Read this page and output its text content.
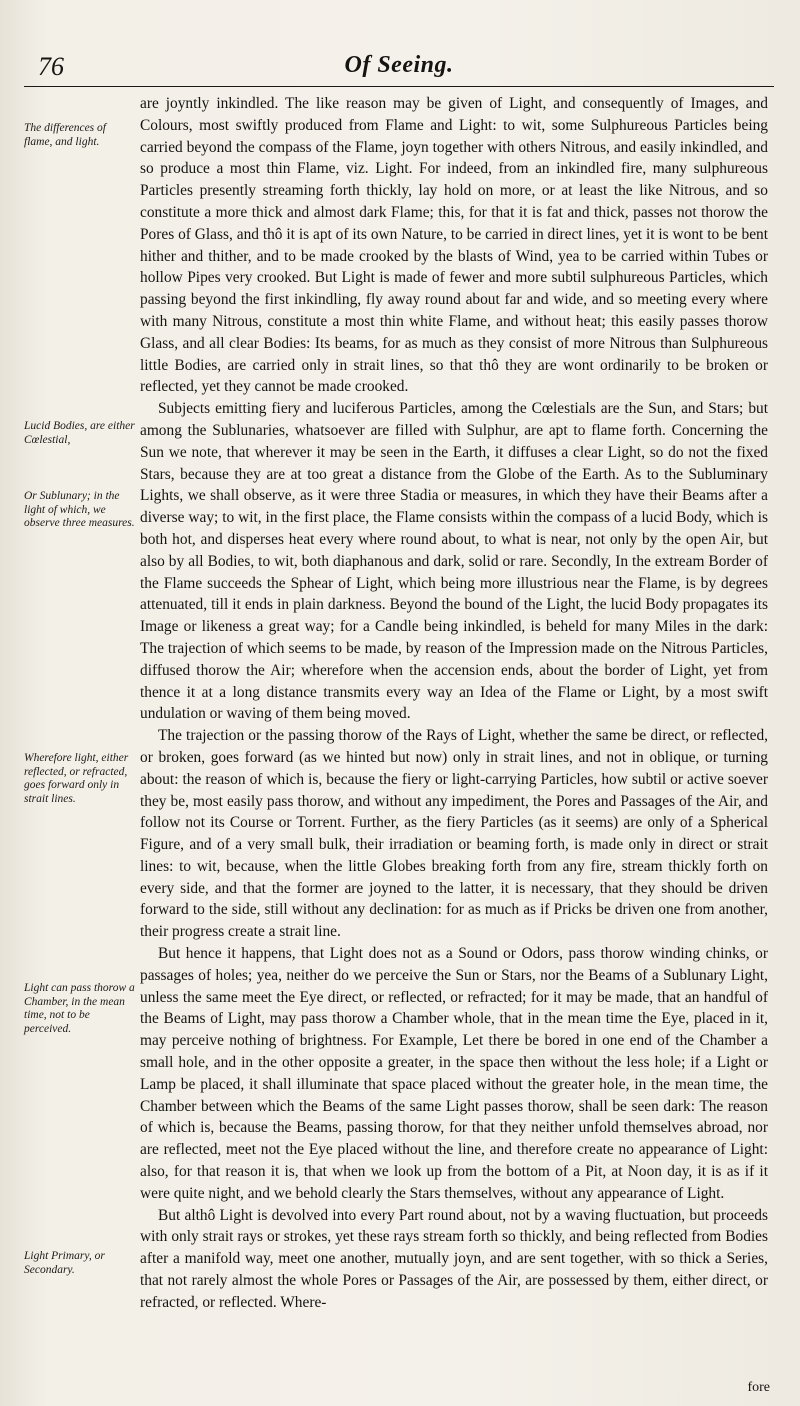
76	Of Seeing.
The differences of flame, and light.
Lucid Bodies, are either Cœlestial,
Or Sublunary; in the light of which, we observe three measures.
Wherefore light, either reflected, or refracted, goes forward only in strait lines.
Light can pass thorow a Chamber, in the mean time, not to be perceived.
Light Primary, or Secondary.

are joyntly inkindled. The like reason may be given of Light, and consequently of Images, and Colours, most swiftly produced from Flame and Light: to wit, some Sulphureous Particles being carried beyond the compass of the Flame, joyn together with others Nitrous, and easily inkindled, and so produce a most thin Flame, viz. Light. For indeed, from an inkindled fire, many sulphureous Particles presently streaming forth thickly, lay hold on more, or at least the like Nitrous, and so constitute a more thick and almost dark Flame; this, for that it is fat and thick, passes not thorow the Pores of Glass, and thô it is apt of its own Nature, to be carried in direct lines, yet it is wont to be bent hither and thither, and to be made crooked by the blasts of Wind, yea to be carried within Tubes or hollow Pipes very crooked. But Light is made of fewer and more subtil sulphureous Particles, which passing beyond the first inkindling, fly away round about far and wide, and so meeting every where with many Nitrous, constitute a most thin white Flame, and without heat; this easily passes thorow Glass, and all clear Bodies: Its beams, for as much as they consist of more Nitrous than Sulphureous little Bodies, are carried only in strait lines, so that thô they are wont ordinarily to be broken or reflected, yet they cannot be made crooked.

Subjects emitting fiery and luciferous Particles, among the Cœlestials are the Sun, and Stars; but among the Sublunaries, whatsoever are filled with Sulphur, are apt to flame forth. Concerning the Sun we note, that wherever it may be seen in the Earth, it diffuses a clear Light, so do not the fixed Stars, because they are at too great a distance from the Globe of the Earth. As to the Subluminary Lights, we shall observe, as it were three Stadia or measures, in which they have their Beams after a diverse way; to wit, in the first place, the Flame consists within the compass of a lucid Body, which is both hot, and disperses heat every where round about, to what is near, not only by the open Air, but also by all Bodies, to wit, both diaphanous and dark, solid or rare. Secondly, In the extream Border of the Flame succeeds the Sphear of Light, which being more illustrious near the Flame, is by degrees attenuated, till it ends in plain darkness. Beyond the bound of the Light, the lucid Body propagates its Image or likeness a great way; for a Candle being inkindled, is beheld for many Miles in the dark: The trajection of which seems to be made, by reason of the Impression made on the Nitrous Particles, diffused thorow the Air; wherefore when the accension ends, about the border of Light, yet from thence it at a long distance transmits every way an Idea of the Flame or Light, by a most swift undulation or waving of them being moved.

The trajection or the passing thorow of the Rays of Light, whether the same be direct, or reflected, or broken, goes forward (as we hinted but now) only in strait lines, and not in oblique, or turning about: the reason of which is, because the fiery or light-carrying Particles, how subtil or active soever they be, most easily pass thorow, and without any impediment, the Pores and Passages of the Air, and follow not its Course or Torrent. Further, as the fiery Particles (as it seems) are only of a Spherical Figure, and of a very small bulk, their irradiation or beaming forth, is made only in direct or strait lines: to wit, because, when the little Globes breaking forth from any fire, stream thickly forth on every side, and that the former are joyned to the latter, it is necessary, that they should be driven forward to the side, still without any declination: for as much as if Pricks be driven one from another, their progress create a strait line.

But hence it happens, that Light does not as a Sound or Odors, pass thorow winding chinks, or passages of holes; yea, neither do we perceive the Sun or Stars, nor the Beams of a Sublunary Light, unless the same meet the Eye direct, or reflected, or refracted; for it may be made, that an handful of the Beams of Light, may pass thorow a Chamber whole, that in the mean time the Eye, placed in it, may perceive nothing of brightness. For Example, Let there be bored in one end of the Chamber a small hole, and in the other opposite a greater, in the space then without the less hole; if a Light or Lamp be placed, it shall illuminate that space placed without the greater hole, in the mean time, the Chamber between which the Beams of the same Light passes thorow, shall be seen dark: The reason of which is, because the Beams, passing thorow, for that they neither unfold themselves abroad, nor are reflected, meet not the Eye placed without the line, and therefore create no appearance of Light: also, for that reason it is, that when we look up from the bottom of a Pit, at Noon day, it is as if it were quite night, and we behold clearly the Stars themselves, without any appearance of Light.

But althô Light is devolved into every Part round about, not by a waving fluctuation, but proceeds with only strait rays or strokes, yet these rays stream forth so thickly, and being reflected from Bodies after a manifold way, meet one another, mutually joyn, and are sent together, with so thick a Series, that not rarely almost the whole Pores or Passages of the Air, are possessed by them, either direct, or refracted, or reflected. Where-

fore
